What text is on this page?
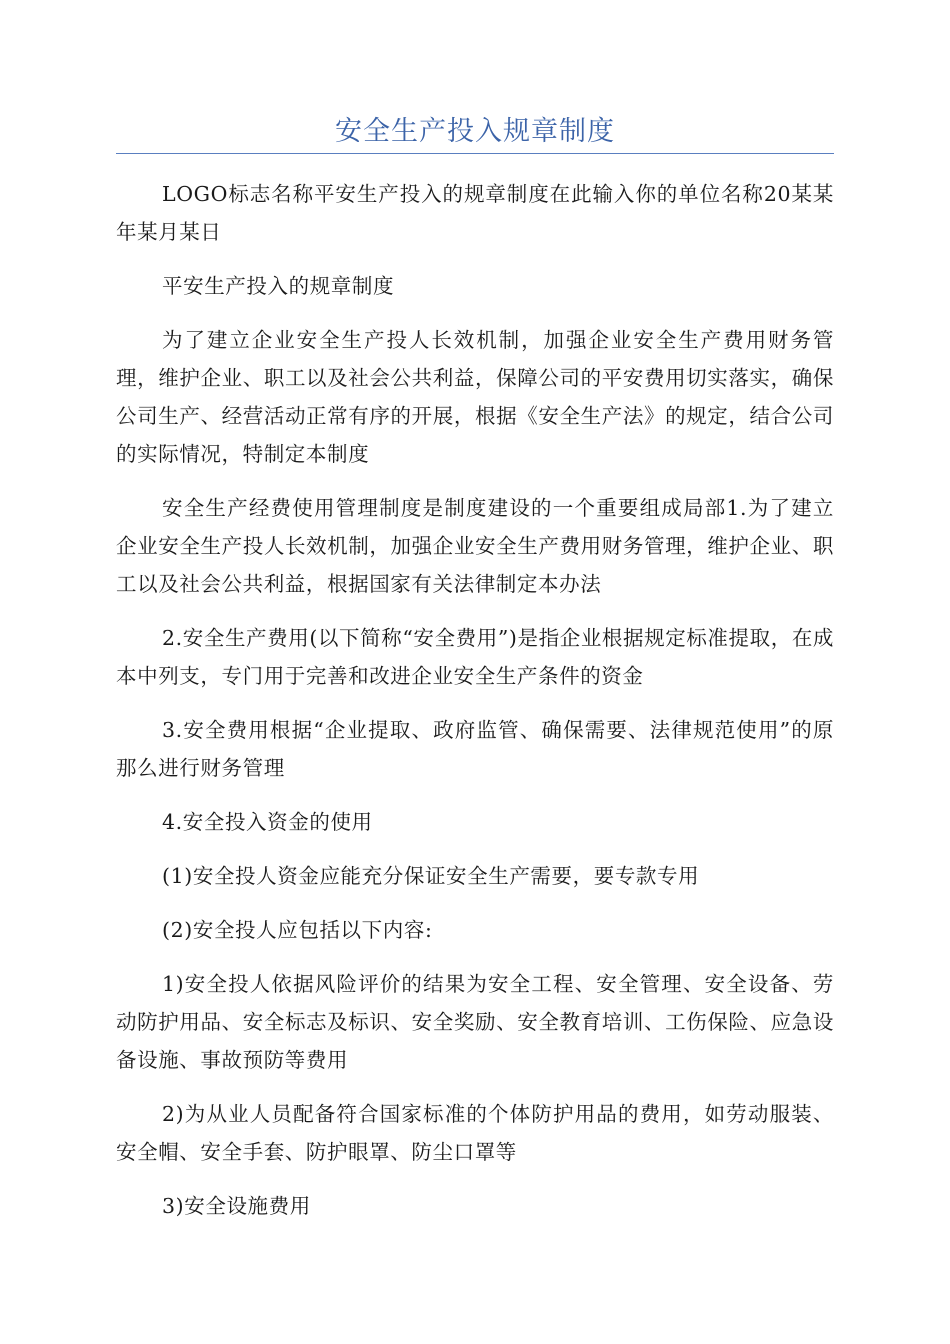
安全生产投入规章制度

LOGO标志名称平安生产投入的规章制度在此输入你的单位名称20某某年某月某日

平安生产投入的规章制度

为了建立企业安全生产投人长效机制，加强企业安全生产费用财务管理，维护企业、职工以及社会公共利益，保障公司的平安费用切实落实，确保公司生产、经营活动正常有序的开展，根据《安全生产法》的规定，结合公司的实际情况，特制定本制度

安全生产经费使用管理制度是制度建设的一个重要组成局部1.为了建立企业安全生产投人长效机制，加强企业安全生产费用财务管理，维护企业、职工以及社会公共利益，根据国家有关法律制定本办法

2.安全生产费用(以下简称“安全费用”)是指企业根据规定标准提取，在成本中列支，专门用于完善和改进企业安全生产条件的资金

3.安全费用根据“企业提取、政府监管、确保需要、法律规范使用”的原那么进行财务管理

4.安全投入资金的使用

(1)安全投人资金应能充分保证安全生产需要，要专款专用

(2)安全投人应包括以下内容:

1)安全投人依据风险评价的结果为安全工程、安全管理、安全设备、劳动防护用品、安全标志及标识、安全奖励、安全教育培训、工伤保险、应急设备设施、事故预防等费用

2)为从业人员配备符合国家标准的个体防护用品的费用，如劳动服装、安全帽、安全手套、防护眼罩、防尘口罩等

3)安全设施费用
